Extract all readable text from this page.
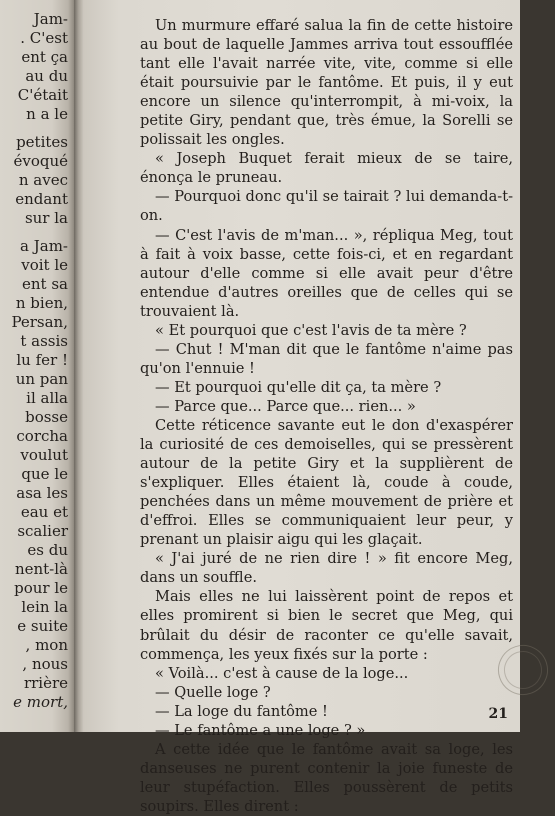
Jam-

. C'est

ent ça

au du

C'était

n a le

petites

évoqué

n avec

endant

sur la

a Jam-

voit le

ent sa

n bien,

Persan,

t assis

lu fer !

un pan

il alla

bosse

corcha

voulut

que le

asa les

eau et

scalier

es du

nent-là

pour le

lein la

e suite

, mon

, nous

rrière

e mort,

Un murmure effaré salua la fin de cette histoire au bout de laquelle Jammes arriva tout essoufflée tant elle l'avait narrée vite, vite, comme si elle était poursuivie par le fantôme. Et puis, il y eut encore un silence qu'interrompit, à mi-voix, la petite Giry, pendant que, très émue, la Sorelli se polissait les ongles.

« Joseph Buquet ferait mieux de se taire, énonça le pruneau.

— Pourquoi donc qu'il se tairait ? lui demanda-t-on.

— C'est l'avis de m'man... », répliqua Meg, tout à fait à voix basse, cette fois-ci, et en regardant autour d'elle comme si elle avait peur d'être entendue d'autres oreilles que de celles qui se trouvaient là.

« Et pourquoi que c'est l'avis de ta mère ?

— Chut ! M'man dit que le fantôme n'aime pas qu'on l'ennuie !

— Et pourquoi qu'elle dit ça, ta mère ?

— Parce que... Parce que... rien... »

Cette réticence savante eut le don d'exaspérer la curiosité de ces demoiselles, qui se pressèrent autour de la petite Giry et la supplièrent de s'expliquer. Elles étaient là, coude à coude, penchées dans un même mouvement de prière et d'effroi. Elles se communiquaient leur peur, y prenant un plaisir aigu qui les glaçait.

« J'ai juré de ne rien dire ! » fit encore Meg, dans un souffle.

Mais elles ne lui laissèrent point de repos et elles promirent si bien le secret que Meg, qui brûlait du désir de raconter ce qu'elle savait, commença, les yeux fixés sur la porte :

« Voilà... c'est à cause de la loge...

— Quelle loge ?

— La loge du fantôme !

— Le fantôme a une loge ? »

A cette idée que le fantôme avait sa loge, les danseuses ne purent contenir la joie funeste de leur stupéfaction. Elles poussèrent de petits soupirs. Elles dirent :

21
